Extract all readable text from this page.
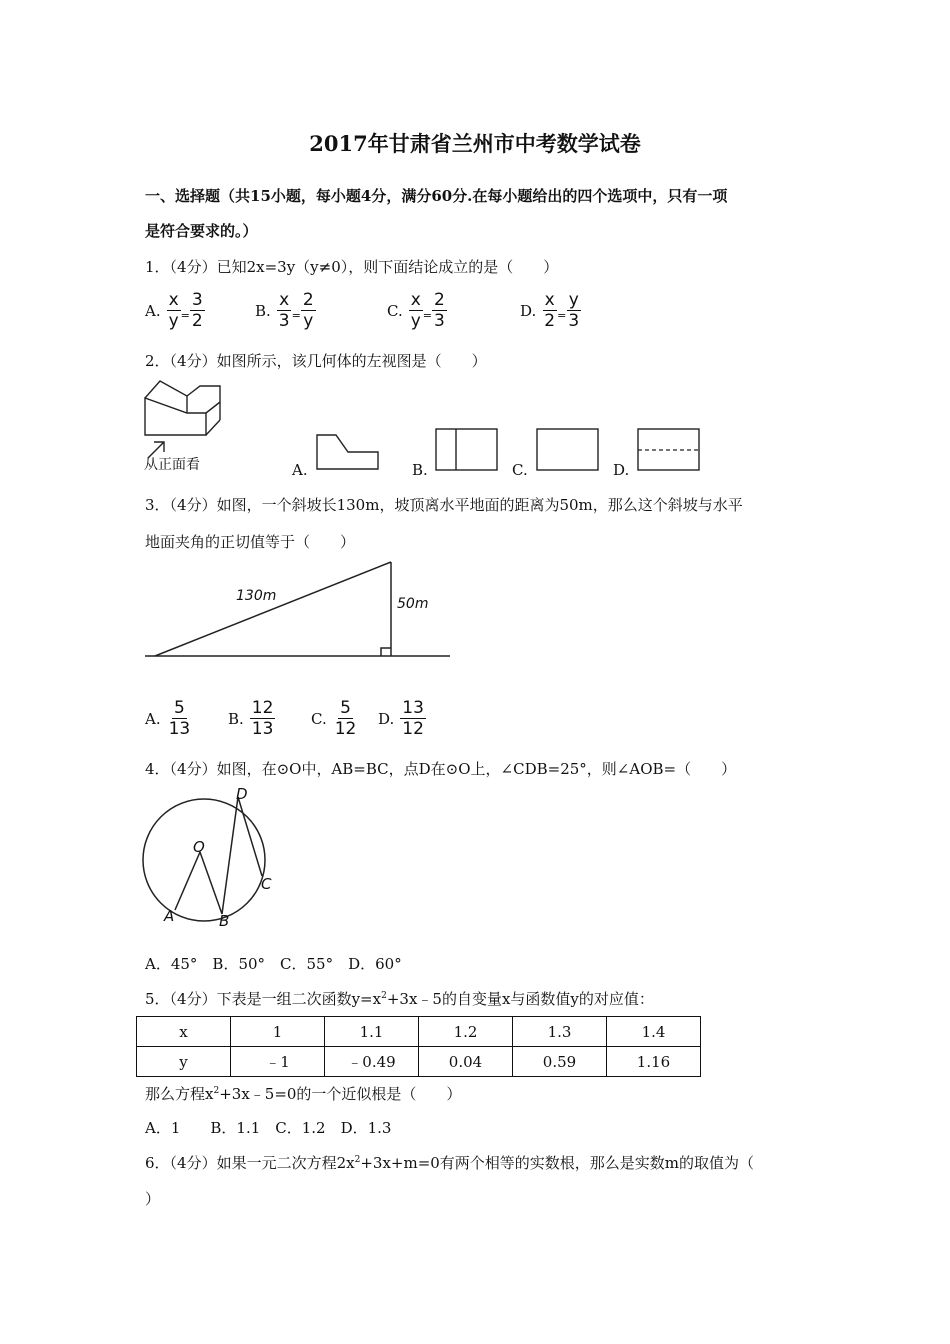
2017年甘肃省兰州市中考数学试卷
一、选择题（共15小题，每小题4分，满分60分.在每小题给出的四个选项中，只有一项
是符合要求的。）
1．（4分）已知2x=3y（y≠0），则下面结论成立的是（　　）
A. $\frac{x}{y} = \frac{3}{2}$	B. $\frac{x}{3} = \frac{2}{y}$	C. $\frac{x}{y} = \frac{2}{3}$	D. $\frac{x}{2} = \frac{y}{3}$
2．（4分）如图所示，该几何体的左视图是（　　）
从正面看	A.	B.	C.	D.
3．（4分）如图，一个斜坡长130m，坡顶离水平地面的距离为50m，那么这个斜坡与水平
地面夹角的正切值等于（　　）
130m	50m
A. $\frac{5}{13} B$. $\frac{12}{13} C$. $\frac{5}{12} D$. $\frac{13}{12}$
4．（4分）如图，在⊙O中，AB=BC，点D在⊙O上，∠CDB=25°，则∠AOB=（　　）
O
D
A	B
C
A．45°　B．50°　C．55°　D．60°
5．（4分）下表是一组二次函数$y=x^2+3x﹣5$的自变量x与函数值y的对应值：
x	1	1.1	1.2	1.3	1.4
y	﹣1	﹣0.49	0.04	0.59	1.16
那么方程$x^2+3x﹣5=0$的一个近似根是（　　）
A．1　　B．1.1　C．1.2　D．1.3
6．（4分）如果一元二次方程$2x^2+3x+m=0$有两个相等的实数根，那么是实数m的取值为（
）
